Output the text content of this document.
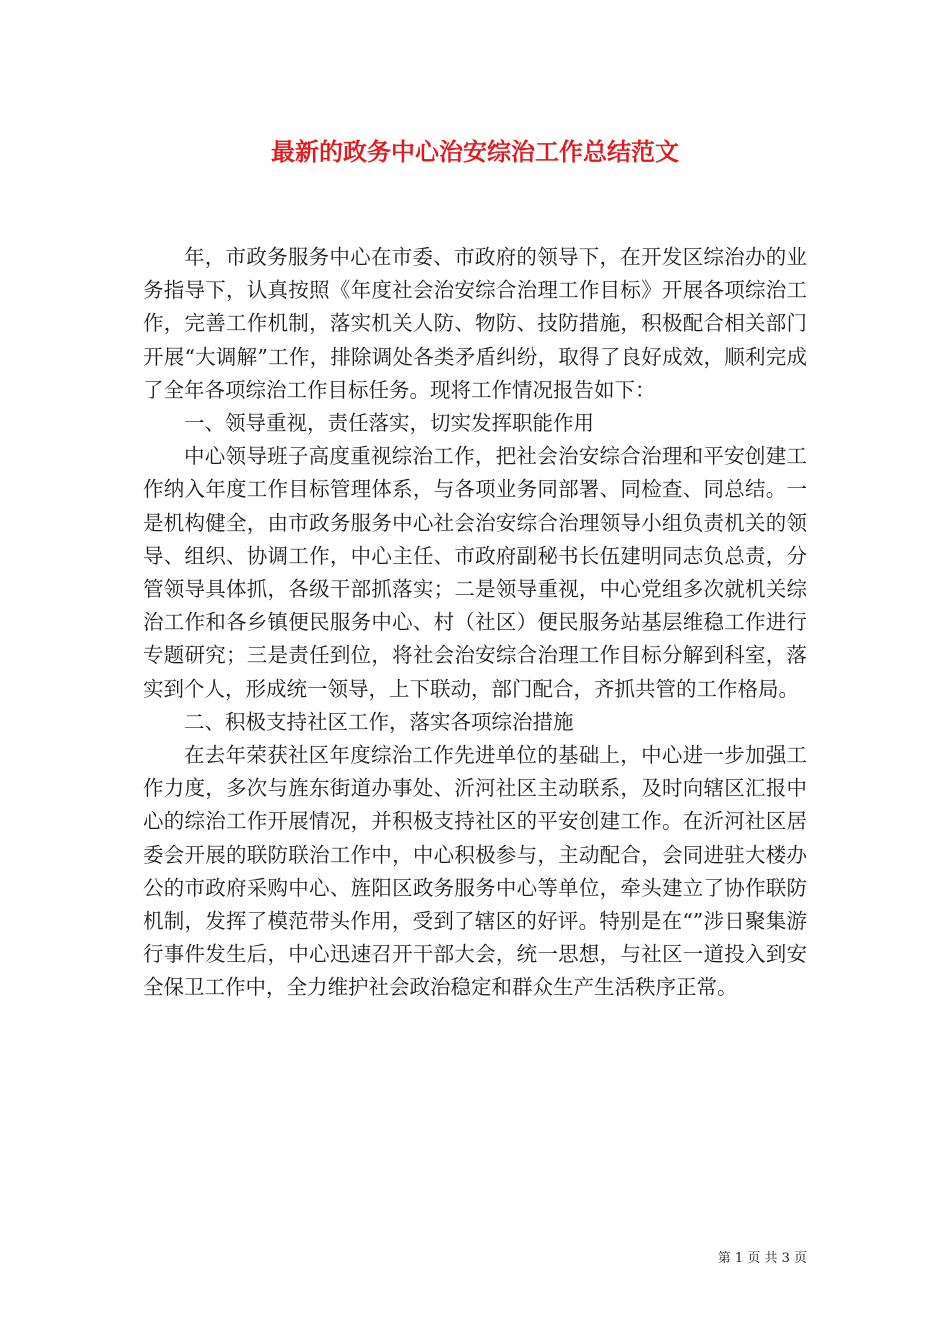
最新的政务中心治安综治工作总结范文

年，市政务服务中心在市委、市政府的领导下，在开发区综治办的业务指导下，认真按照《年度社会治安综合治理工作目标》开展各项综治工作，完善工作机制，落实机关人防、物防、技防措施，积极配合相关部门开展“大调解”工作，排除调处各类矛盾纠纷，取得了良好成效，顺利完成了全年各项综治工作目标任务。现将工作情况报告如下：

一、领导重视，责任落实，切实发挥职能作用

中心领导班子高度重视综治工作，把社会治安综合治理和平安创建工作纳入年度工作目标管理体系，与各项业务同部署、同检查、同总结。一是机构健全，由市政务服务中心社会治安综合治理领导小组负责机关的领导、组织、协调工作，中心主任、市政府副秘书长伍建明同志负总责，分管领导具体抓，各级干部抓落实；二是领导重视，中心党组多次就机关综治工作和各乡镇便民服务中心、村（社区）便民服务站基层维稳工作进行专题研究；三是责任到位，将社会治安综合治理工作目标分解到科室，落实到个人，形成统一领导，上下联动，部门配合，齐抓共管的工作格局。

二、积极支持社区工作，落实各项综治措施

在去年荣获社区年度综治工作先进单位的基础上，中心进一步加强工作力度，多次与旌东街道办事处、沂河社区主动联系，及时向辖区汇报中心的综治工作开展情况，并积极支持社区的平安创建工作。在沂河社区居委会开展的联防联治工作中，中心积极参与，主动配合，会同进驻大楼办公的市政府采购中心、旌阳区政务服务中心等单位，牵头建立了协作联防机制，发挥了模范带头作用，受到了辖区的好评。特别是在“”涉日聚集游行事件发生后，中心迅速召开干部大会，统一思想，与社区一道投入到安全保卫工作中，全力维护社会政治稳定和群众生产生活秩序正常。

第 1 页 共 3 页
